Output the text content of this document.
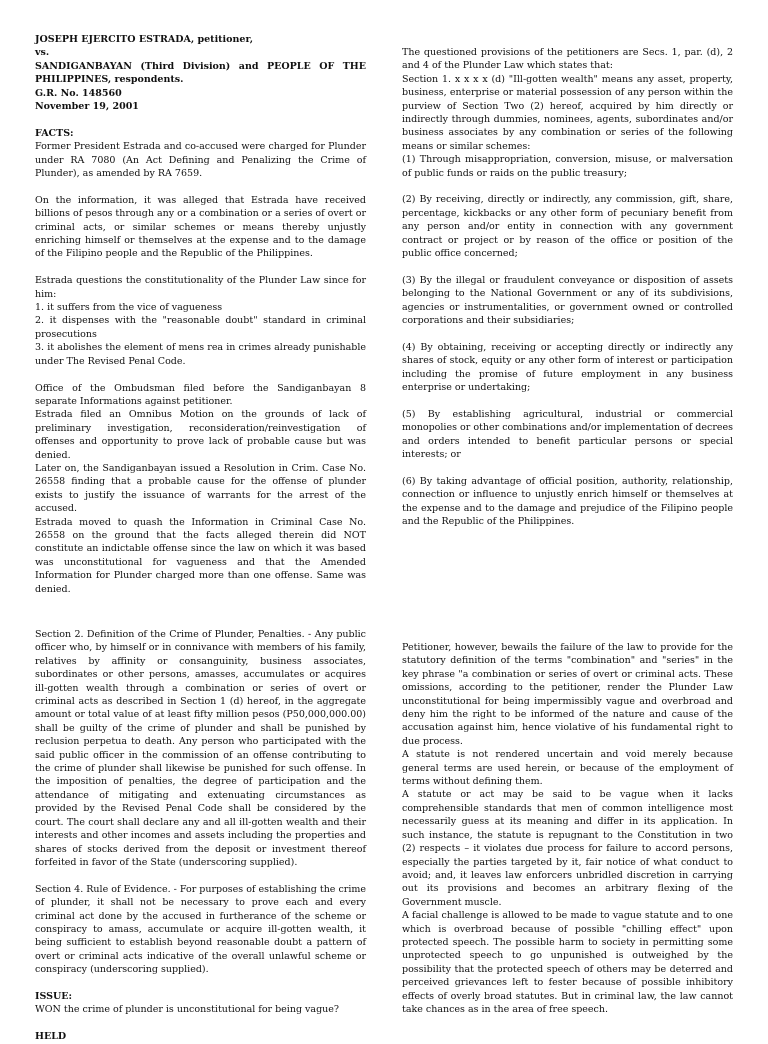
JOSEPH EJERCITO ESTRADA, petitioner,

vs.

SANDIGANBAYAN (Third Division) and PEOPLE OF THE PHILIPPINES, respondents.

G.R. No. 148560

November 19, 2001

FACTS:

Former President Estrada and co-accused were charged for Plunder under RA 7080 (An Act Defining and Penalizing the Crime of Plunder), as amended by RA 7659.

On the information, it was alleged that Estrada have received billions of pesos through any or a combination or a series of overt or criminal acts, or similar schemes or means thereby unjustly enriching himself or themselves at the expense and to the damage of the Filipino people and the Republic of the Philippines.

Estrada questions the constitutionality of the Plunder Law since for him:

1. it suffers from the vice of vagueness

2. it dispenses with the "reasonable doubt" standard in criminal prosecutions

3. it abolishes the element of mens rea in crimes already punishable under The Revised Penal Code.

Office of the Ombudsman filed before the Sandiganbayan 8 separate Informations against petitioner.

Estrada filed an Omnibus Motion on the grounds of lack of preliminary investigation, reconsideration/reinvestigation of offenses and opportunity to prove lack of probable cause but was denied.

Later on, the Sandiganbayan issued a Resolution in Crim. Case No. 26558 finding that a probable cause for the offense of plunder exists to justify the issuance of warrants for the arrest of the accused.

Estrada moved to quash the Information in Criminal Case No. 26558 on the ground that the facts alleged therein did NOT constitute an indictable offense since the law on which it was based was unconstitutional for vagueness and that the Amended Information for Plunder charged more than one offense. Same was denied.

The questioned provisions of the petitioners are Secs. 1, par. (d), 2 and 4 of the Plunder Law which states that:

Section 1. x x x x (d) "Ill-gotten wealth" means any asset, property, business, enterprise or material possession of any person within the purview of Section Two (2) hereof, acquired by him directly or indirectly through dummies, nominees, agents, subordinates and/or business associates by any combination or series of the following means or similar schemes:

(1) Through misappropriation, conversion, misuse, or malversation of public funds or raids on the public treasury;

(2) By receiving, directly or indirectly, any commission, gift, share, percentage, kickbacks or any other form of pecuniary benefit from any person and/or entity in connection with any government contract or project or by reason of the office or position of the public office concerned;

(3) By the illegal or fraudulent conveyance or disposition of assets belonging to the National Government or any of its subdivisions, agencies or instrumentalities, or government owned or controlled corporations and their subsidiaries;

(4) By obtaining, receiving or accepting directly or indirectly any shares of stock, equity or any other form of interest or participation including the promise of future employment in any business enterprise or undertaking;

(5) By establishing agricultural, industrial or commercial monopolies or other combinations and/or implementation of decrees and orders intended to benefit particular persons or special interests; or

(6) By taking advantage of official position, authority, relationship, connection or influence to unjustly enrich himself or themselves at the expense and to the damage and prejudice of the Filipino people and the Republic of the Philippines.

Section 2. Definition of the Crime of Plunder, Penalties. - Any public officer who, by himself or in connivance with members of his family, relatives by affinity or consanguinity, business associates, subordinates or other persons, amasses, accumulates or acquires ill-gotten wealth through a combination or series of overt or criminal acts as described in Section 1 (d) hereof, in the aggregate amount or total value of at least fifty million pesos (P50,000,000.00) shall be guilty of the crime of plunder and shall be punished by reclusion perpetua to death. Any person who participated with the said public officer in the commission of an offense contributing to the crime of plunder shall likewise be punished for such offense. In the imposition of penalties, the degree of participation and the attendance of mitigating and extenuating circumstances as provided by the Revised Penal Code shall be considered by the court. The court shall declare any and all ill-gotten wealth and their interests and other incomes and assets including the properties and shares of stocks derived from the deposit or investment thereof forfeited in favor of the State (underscoring supplied).

Section 4. Rule of Evidence. - For purposes of establishing the crime of plunder, it shall not be necessary to prove each and every criminal act done by the accused in furtherance of the scheme or conspiracy to amass, accumulate or acquire ill-gotten wealth, it being sufficient to establish beyond reasonable doubt a pattern of overt or criminal acts indicative of the overall unlawful scheme or conspiracy (underscoring supplied).

ISSUE:

WON the crime of plunder is unconstitutional for being vague?

HELD

Petitioner, however, bewails the failure of the law to provide for the statutory definition of the terms "combination" and "series" in the key phrase "a combination or series of overt or criminal acts. These omissions, according to the petitioner, render the Plunder Law unconstitutional for being impermissibly vague and overbroad and deny him the right to be informed of the nature and cause of the accusation against him, hence violative of his fundamental right to due process.

A statute is not rendered uncertain and void merely because general terms are used herein, or because of the employment of terms without defining them.

A statute or act may be said to be vague when it lacks comprehensible standards that men of common intelligence most necessarily guess at its meaning and differ in its application. In such instance, the statute is repugnant to the Constitution in two (2) respects – it violates due process for failure to accord persons, especially the parties targeted by it, fair notice of what conduct to avoid; and, it leaves law enforcers unbridled discretion in carrying out its provisions and becomes an arbitrary flexing of the Government muscle.

A facial challenge is allowed to be made to vague statute and to one which is overbroad because of possible "chilling effect" upon protected speech. The possible harm to society in permitting some unprotected speech to go unpunished is outweighed by the possibility that the protected speech of others may be deterred and perceived grievances left to fester because of possible inhibitory effects of overly broad statutes. But in criminal law, the law cannot take chances as in the area of free speech.
